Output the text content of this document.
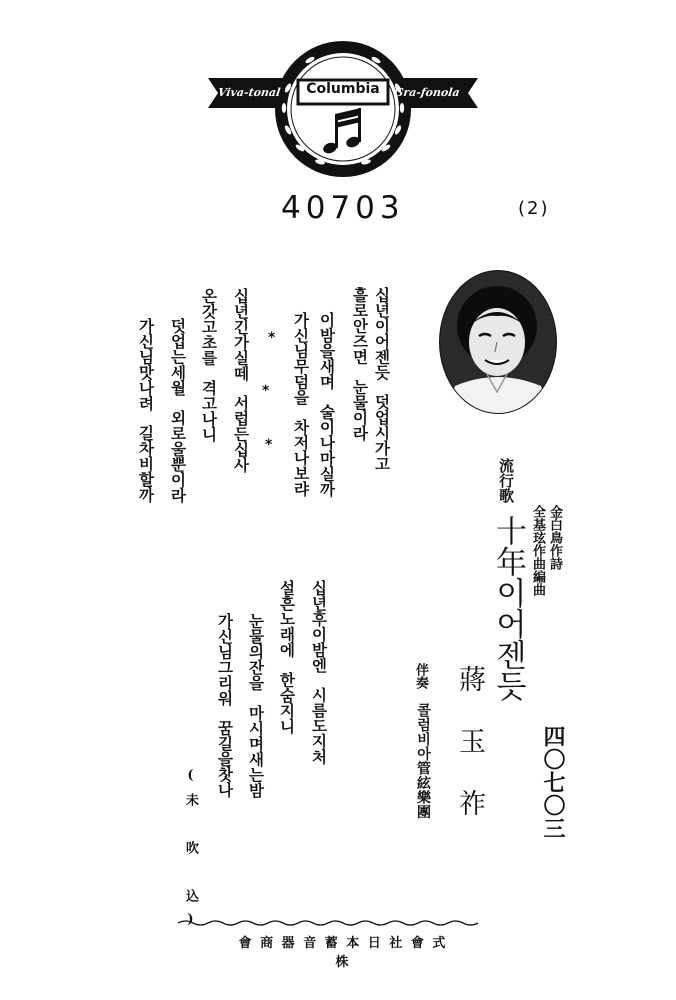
Viva-tonal	Columbia	Gra-fonola
40703	(2)
流行歌
十年이어젠듯 金白鳥作詩
全基玹作曲編曲
蔣玉祚
伴奏
콜럼비아管絃樂團	四〇七〇三
십년이어젠듯덧업시가고
흘로안즈면눈물이라
이밤을새며술이나마실까
가신님무덤을차저나보랴
*
*
*
십년긴가실떼서럽든십사
온갓고초를격고나니
덧업는세월외로울뿐이라
가신님맛나려길차비할까
십년후이밤엔시름도지처
설흔노래에한숨지니
눈물의잔을마시며새는밤
가신님그리워꿈길을찻나
(未 吹 込)
會 商 器 音 蓄 本 日 社 會 式 株
